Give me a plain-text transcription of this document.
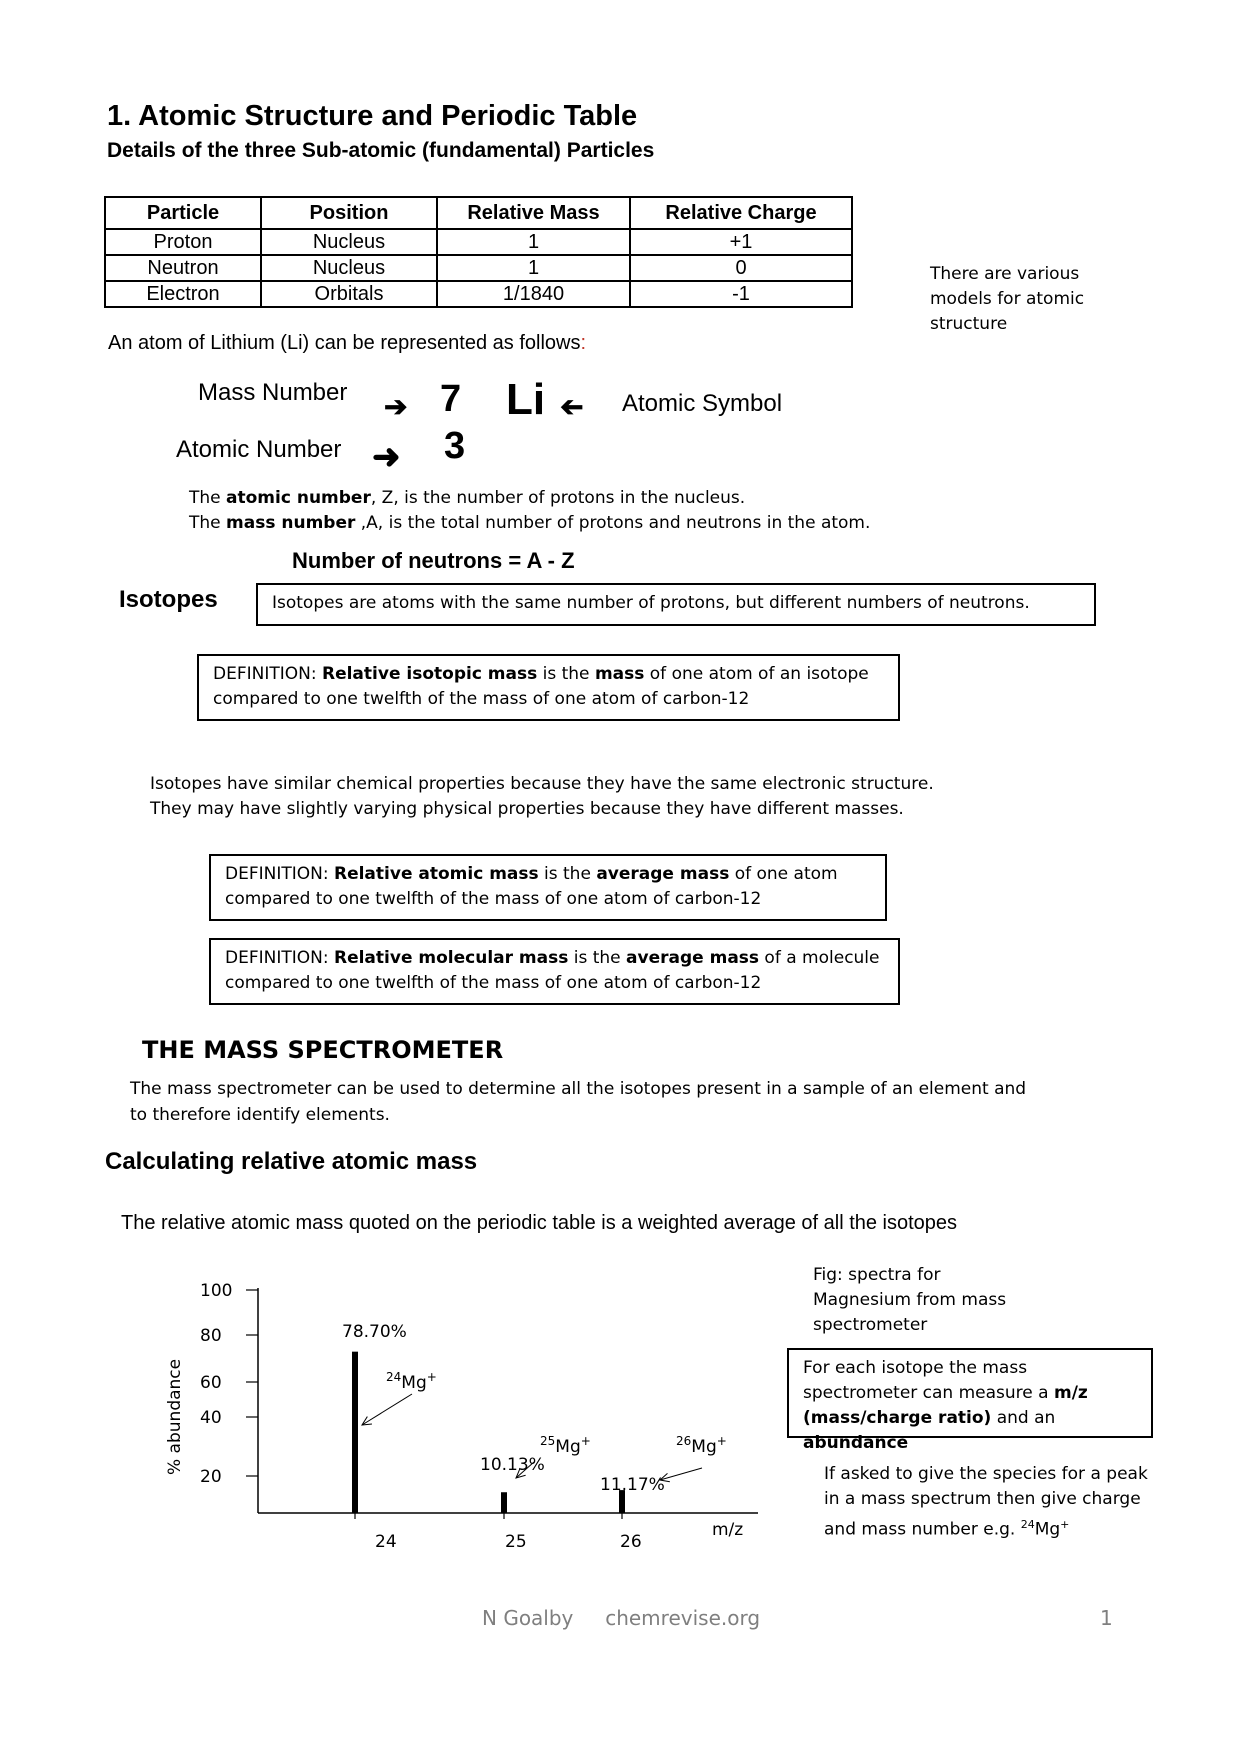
1. Atomic Structure and Periodic Table
Details of the three Sub-atomic (fundamental) Particles
Particle	Position	Relative Mass	Relative Charge
Proton	Nucleus	1	+1
Neutron	Nucleus	1	0
Electron	Orbitals	1/1840	-1
There are various models for atomic structure
An atom of Lithium (Li) can be represented as follows:
Mass Number ➔ 7 Li ➔ Atomic Symbol
Atomic Number ➜ 3
The atomic number, Z, is the number of protons in the nucleus.
The mass number ,A, is the total number of protons and neutrons in the atom.
Number of neutrons = A - Z
Isotopes	Isotopes are atoms with the same number of protons, but different numbers of neutrons.
DEFINITION: Relative isotopic mass is the mass of one atom of an isotope
compared to one twelfth of the mass of one atom of carbon-12
Isotopes have similar chemical properties because they have the same electronic structure.
They may have slightly varying physical properties because they have different masses.
DEFINITION: Relative atomic mass is the average mass of one atom
compared to one twelfth of the mass of one atom of carbon-12
DEFINITION: Relative molecular mass is the average mass of a molecule
compared to one twelfth of the mass of one atom of carbon-12
THE MASS SPECTROMETER
The mass spectrometer can be used to determine all the isotopes present in a sample of an element and to therefore identify elements.
Calculating relative atomic mass
The relative atomic mass quoted on the periodic table is a weighted average of all the isotopes
100
80
60
40
20
24	25	26
m/z
% abundance
78.70%
10.13%
11.17%
$^{24}$Mg+
$^{25}$Mg+	$^{26}$Mg+
Fig: spectra for Magnesium from mass spectrometer
For each isotope the mass spectrometer can measure a m/z (mass/charge ratio) and an abundance
If asked to give the species for a peak in a mass spectrum then give charge and mass number e.g. $^{24}$Mg+
N Goalby chemrevise.org	1
